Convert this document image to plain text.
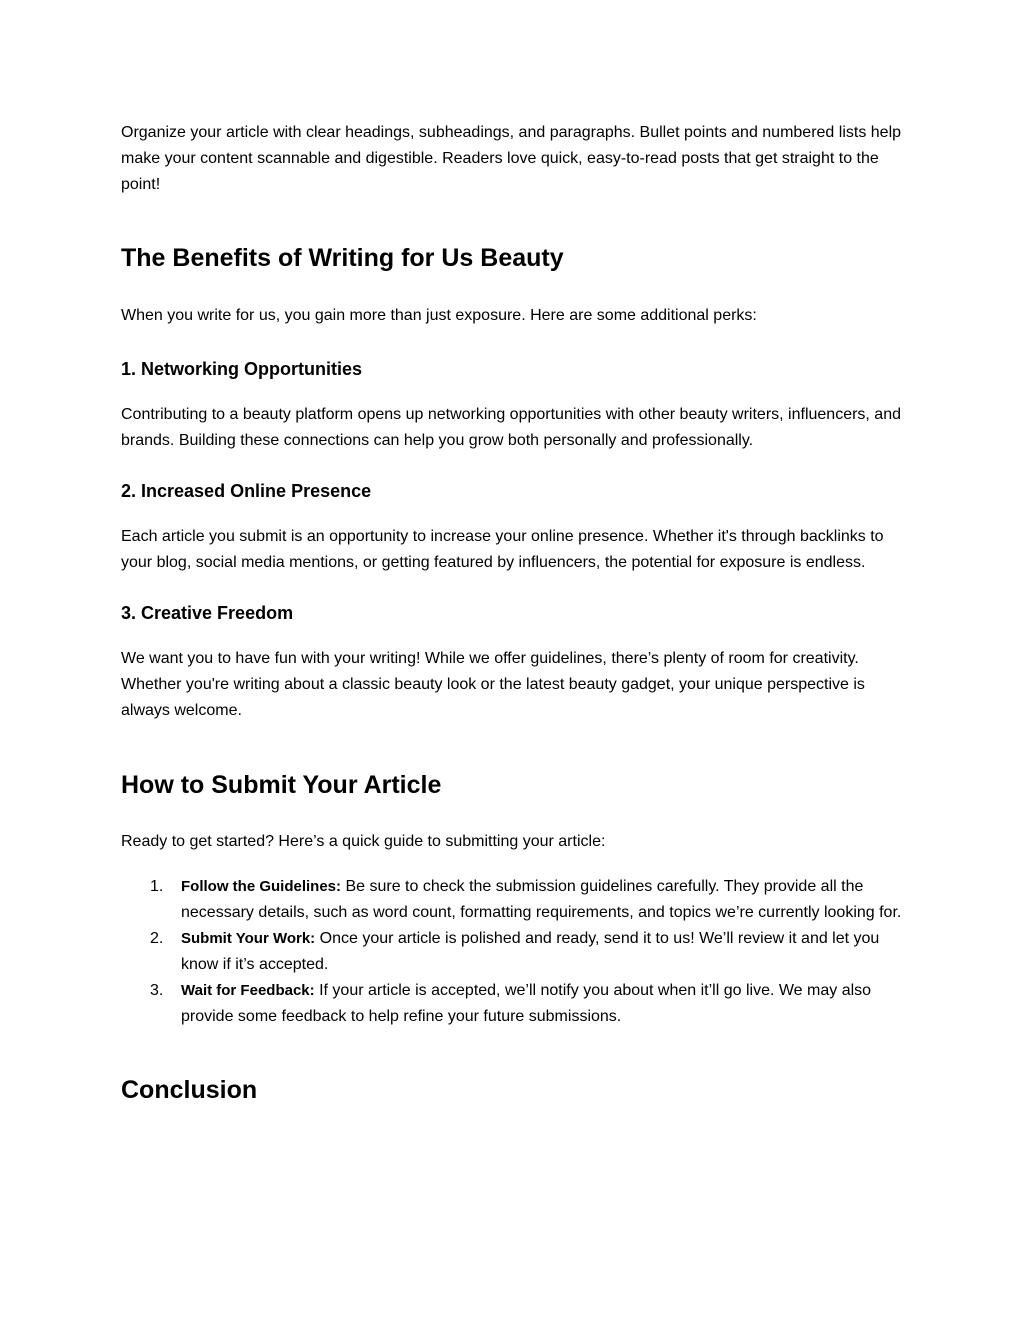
Organize your article with clear headings, subheadings, and paragraphs. Bullet points and numbered lists help make your content scannable and digestible. Readers love quick, easy-to-read posts that get straight to the point!

The Benefits of Writing for Us Beauty

When you write for us, you gain more than just exposure. Here are some additional perks:

1. Networking Opportunities

Contributing to a beauty platform opens up networking opportunities with other beauty writers, influencers, and brands. Building these connections can help you grow both personally and professionally.

2. Increased Online Presence

Each article you submit is an opportunity to increase your online presence. Whether it's through backlinks to your blog, social media mentions, or getting featured by influencers, the potential for exposure is endless.

3. Creative Freedom

We want you to have fun with your writing! While we offer guidelines, there’s plenty of room for creativity. Whether you're writing about a classic beauty look or the latest beauty gadget, your unique perspective is always welcome.

How to Submit Your Article

Ready to get started? Here’s a quick guide to submitting your article:

1. Follow the Guidelines: Be sure to check the submission guidelines carefully. They provide all the necessary details, such as word count, formatting requirements, and topics we’re currently looking for.
2. Submit Your Work: Once your article is polished and ready, send it to us! We’ll review it and let you know if it’s accepted.
3. Wait for Feedback: If your article is accepted, we’ll notify you about when it’ll go live. We may also provide some feedback to help refine your future submissions.
Conclusion
